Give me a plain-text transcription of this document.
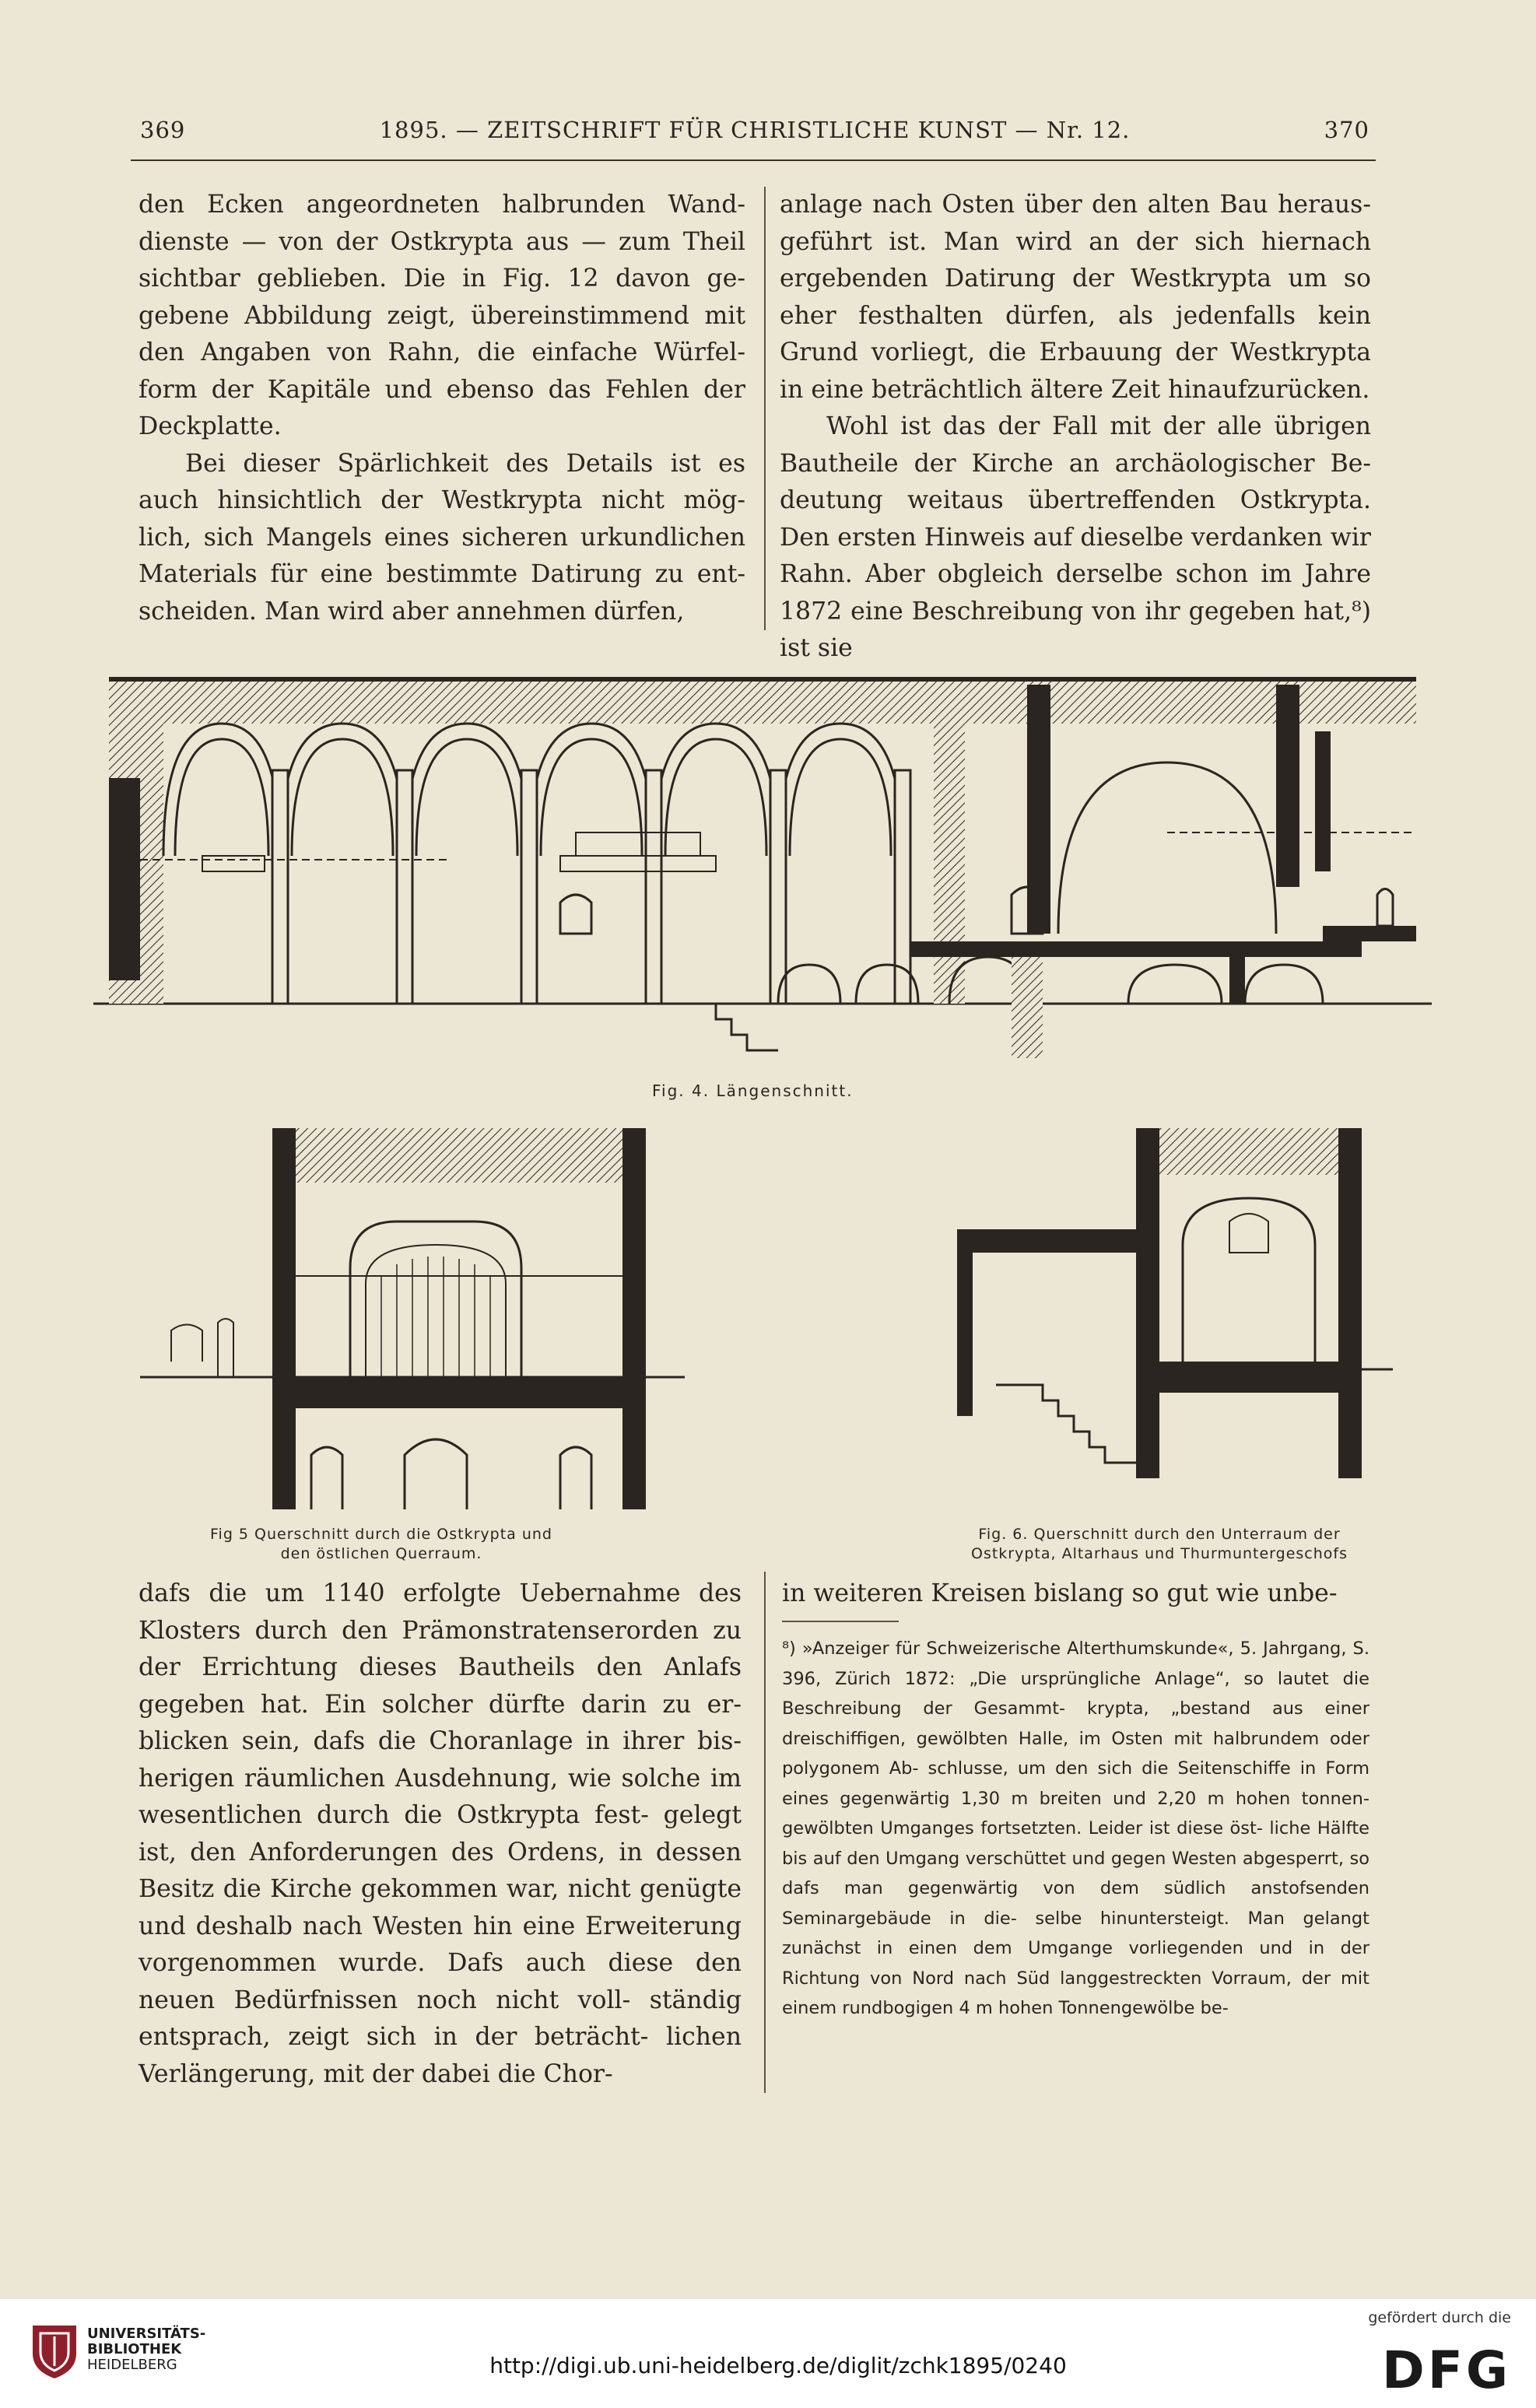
369	1895. — ZEITSCHRIFT FÜR CHRISTLICHE KUNST — Nr. 12.	370

den Ecken angeordneten halbrunden Wand- dienste — von der Ostkrypta aus — zum Theil sichtbar geblieben. Die in Fig. 12 davon ge- gebene Abbildung zeigt, übereinstimmend mit den Angaben von Rahn, die einfache Würfel- form der Kapitäle und ebenso das Fehlen der Deckplatte.

Bei dieser Spärlichkeit des Details ist es auch hinsichtlich der Westkrypta nicht mög- lich, sich Mangels eines sicheren urkundlichen Materials für eine bestimmte Datirung zu ent- scheiden. Man wird aber annehmen dürfen,

anlage nach Osten über den alten Bau heraus- geführt ist. Man wird an der sich hiernach ergebenden Datirung der Westkrypta um so eher festhalten dürfen, als jedenfalls kein Grund vorliegt, die Erbauung der Westkrypta in eine beträchtlich ältere Zeit hinaufzurücken.

Wohl ist das der Fall mit der alle übrigen Bautheile der Kirche an archäologischer Be- deutung weitaus übertreffenden Ostkrypta. Den ersten Hinweis auf dieselbe verdanken wir Rahn. Aber obgleich derselbe schon im Jahre 1872 eine Beschreibung von ihr gegeben hat,⁸) ist sie

Fig. 4. Längenschnitt.
Fig 5 Querschnitt durch die Ostkrypta und
den östlichen Querraum.
Fig. 6. Querschnitt durch den Unterraum der
Ostkrypta, Altarhaus und Thurmuntergeschofs

dafs die um 1140 erfolgte Uebernahme des Klosters durch den Prämonstratenserorden zu der Errichtung dieses Bautheils den Anlafs gegeben hat. Ein solcher dürfte darin zu er- blicken sein, dafs die Choranlage in ihrer bis- herigen räumlichen Ausdehnung, wie solche im wesentlichen durch die Ostkrypta fest- gelegt ist, den Anforderungen des Ordens, in dessen Besitz die Kirche gekommen war, nicht genügte und deshalb nach Westen hin eine Erweiterung vorgenommen wurde. Dafs auch diese den neuen Bedürfnissen noch nicht voll- ständig entsprach, zeigt sich in der beträcht- lichen Verlängerung, mit der dabei die Chor-

in weiteren Kreisen bislang so gut wie unbe-

⁸) »Anzeiger für Schweizerische Alterthumskunde«, 5. Jahrgang, S. 396, Zürich 1872: „Die ursprüngliche Anlage“, so lautet die Beschreibung der Gesammt- krypta, „bestand aus einer dreischiffigen, gewölbten Halle, im Osten mit halbrundem oder polygonem Ab- schlusse, um den sich die Seitenschiffe in Form eines gegenwärtig 1,30 m breiten und 2,20 m hohen tonnen- gewölbten Umganges fortsetzten. Leider ist diese öst- liche Hälfte bis auf den Umgang verschüttet und gegen Westen abgesperrt, so dafs man gegenwärtig von dem südlich anstofsenden Seminargebäude in die- selbe hinuntersteigt. Man gelangt zunächst in einen dem Umgange vorliegenden und in der Richtung von Nord nach Süd langgestreckten Vorraum, der mit einem rundbogigen 4 m hohen Tonnengewölbe be-

UNIVERSITÄTS-
BIBLIOTHEK
HEIDELBERG	http://digi.ub.uni-heidelberg.de/diglit/zchk1895/0240
gefördert durch die
DFG
